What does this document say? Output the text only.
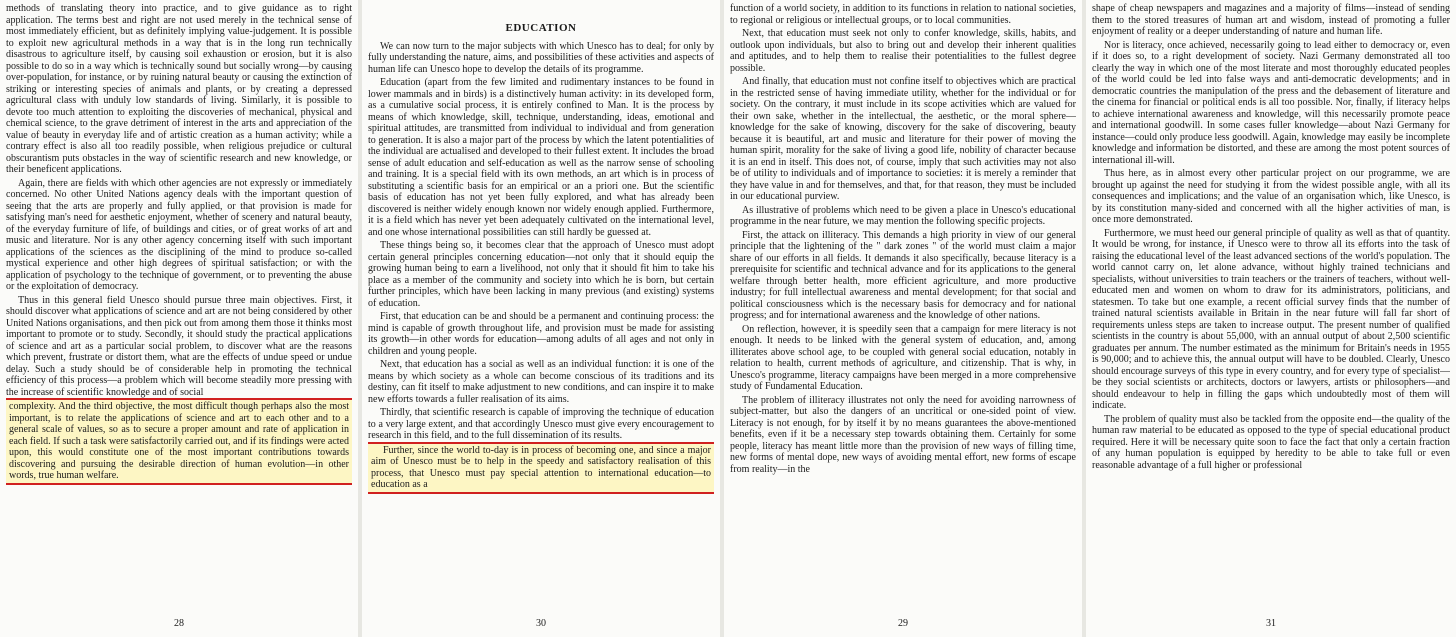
methods of translating theory into practice, and to give guidance as to right application. The terms best and right are not used merely in the technical sense of most immediately efficient, but as definitely implying value-judgement. It is possible to exploit new agricultural methods in a way that is in the long run technically disastrous to agriculture itself, by causing soil exhaustion or erosion, but it is also possible to do so in a way which is technically sound but socially wrong—by causing over-population, for instance, or by ruining natural beauty or causing the extinction of striking or interesting species of animals and plants, or by creating a depressed agricultural class with unduly low standards of living. Similarly, it is possible to devote too much attention to exploiting the discoveries of mechanical, physical and chemical science, to the grave detriment of interest in the arts and appreciation of the value of beauty in everyday life and of artistic creation as a human activity; while a contrary effect is also all too readily possible, when religious prejudice or cultural obscurantism puts obstacles in the way of scientific research and new knowledge, or their beneficent applications.

Again, there are fields with which other agencies are not expressly or immediately concerned. No other United Nations agency deals with the important question of seeing that the arts are properly and fully applied, or that provision is made for satisfying man's need for aesthetic enjoyment, whether of scenery and natural beauty, of the everyday furniture of life, of buildings and cities, or of great works of art and music and literature. Nor is any other agency concerning itself with such important applications of the sciences as the disciplining of the mind to produce so-called mystical experience and other high degrees of spiritual satisfaction; or with the application of psychology to the technique of government, or to preventing the abuse or the exploitation of democracy.

Thus in this general field Unesco should pursue three main objectives. First, it should discover what applications of science and art are not being considered by other United Nations organisations, and then pick out from among them those it thinks most important to promote or to study. Secondly, it should study the practical applications of science and art as a particular social problem, to discover what are the reasons which prevent, frustrate or distort them, what are the effects of undue speed or undue delay. Such a study should be of considerable help in promoting the technical efficiency of this process—a problem which will become steadily more pressing with the increase of scientific knowledge and of social

complexity. And the third objective, the most difficult though perhaps also the most important, is to relate the applications of science and art to each other and to a general scale of values, so as to secure a proper amount and rate of application in each field. If such a task were satisfactorily carried out, and if its findings were acted upon, this would constitute one of the most important contributions towards discovering and pursuing the desirable direction of human evolution—in other words, true human welfare.

28
EDUCATION

We can now turn to the major subjects with which Unesco has to deal; for only by fully understanding the nature, aims, and possibilities of these activities and aspects of human life can Unesco hope to develop the details of its programme.

Education (apart from the few limited and rudimentary instances to be found in lower mammals and in birds) is a distinctively human activity: in its developed form, as a cumulative social process, it is entirely confined to Man. It is the process by means of which knowledge, skill, technique, understanding, ideas, emotional and spiritual attitudes, are transmitted from individual to individual and from generation to generation. It is also a major part of the process by which the latent potentialities of the individual are actualised and developed to their fullest extent. It includes the broad sense of adult education and self-education as well as the narrow sense of schooling and training. It is a special field with its own methods, an art which is in process of substituting a scientific basis for an empirical or an a priori one. But the scientific basis of education has not yet been fully explored, and what has already been discovered is neither widely enough known nor widely enough applied. Furthermore, it is a field which has never yet been adequately cultivated on the international level, and one whose international possibilities can still hardly be guessed at.

These things being so, it becomes clear that the approach of Unesco must adopt certain general principles concerning education—not only that it should equip the growing human being to earn a livelihood, not only that it should fit him to take his place as a member of the community and society into which he is born, but certain further principles, which have been lacking in many previous (and existing) systems of education.

First, that education can be and should be a permanent and continuing process: the mind is capable of growth throughout life, and provision must be made for assisting its growth—in other words for education—among adults of all ages and not only in children and young people.

Next, that education has a social as well as an individual function: it is one of the means by which society as a whole can become conscious of its traditions and its destiny, can fit itself to make adjustment to new conditions, and can inspire it to make new efforts towards a fuller realisation of its aims.

Thirdly, that scientific research is capable of improving the technique of education to a very large extent, and that accordingly Unesco must give every encouragement to research in this field, and to the full dissemination of its results.

Further, since the world to-day is in process of becoming one, and since a major aim of Unesco must be to help in the speedy and satisfactory realisation of this process, that Unesco must pay special attention to international education—to education as a

30

function of a world society, in addition to its functions in relation to national societies, to regional or religious or intellectual groups, or to local communities.

Next, that education must seek not only to confer knowledge, skills, habits, and outlook upon individuals, but also to bring out and develop their inherent qualities and aptitudes, and to help them to realise their potentialities to the fullest degree possible.

And finally, that education must not confine itself to objectives which are practical in the restricted sense of having immediate utility, whether for the individual or for society. On the contrary, it must include in its scope activities which are valued for their own sake, whether in the intellectual, the aesthetic, or the moral sphere—knowledge for the sake of knowing, discovery for the sake of discovering, beauty because it is beautiful, art and music and literature for their power of moving the human spirit, morality for the sake of living a good life, nobility of character because it is an end in itself. This does not, of course, imply that such activities may not also be of utility to individuals and of importance to societies: it is merely a reminder that they have value in and for themselves, and that, for that reason, they must be included in our educational purview.

As illustrative of problems which need to be given a place in Unesco's educational programme in the near future, we may mention the following specific projects.

First, the attack on illiteracy. This demands a high priority in view of our general principle that the lightening of the " dark zones " of the world must claim a major share of our efforts in all fields. It demands it also specifically, because literacy is a prerequisite for scientific and technical advance and for its applications to the general welfare through better health, more efficient agriculture, and more productive industry; for full intellectual awareness and mental development; for that social and political consciousness which is the necessary basis for democracy and for national progress; and for international awareness and the knowledge of other nations.

On reflection, however, it is speedily seen that a campaign for mere literacy is not enough. It needs to be linked with the general system of education, and, among illiterates above school age, to be coupled with general social education, notably in relation to health, current methods of agriculture, and citizenship. That is why, in Unesco's programme, literacy campaigns have been merged in a more comprehensive study of Fundamental Education.

The problem of illiteracy illustrates not only the need for avoiding narrowness of subject-matter, but also the dangers of an uncritical or one-sided point of view. Literacy is not enough, for by itself it by no means guarantees the above-mentioned benefits, even if it be a necessary step towards obtaining them. Certainly for some people, literacy has meant little more than the provision of new ways of filling time, new forms of mental dope, new ways of avoiding mental effort, new forms of escape from reality—in the

29

shape of cheap newspapers and magazines and a majority of films—instead of sending them to the stored treasures of human art and wisdom, instead of promoting a fuller enjoyment of reality or a deeper understanding of nature and human life.

Nor is literacy, once achieved, necessarily going to lead either to democracy or, even if it does so, to a right development of society. Nazi Germany demonstrated all too clearly the way in which one of the most literate and most thoroughly educated peoples of the world could be led into false ways and anti-democratic developments; and in democratic countries the manipulation of the press and the debasement of literature and the cinema for financial or political ends is all too possible. Nor, finally, if literacy helps to achieve international awareness and knowledge, will this necessarily promote peace and international goodwill. In some cases fuller knowledge—about Nazi Germany for instance—could only produce less goodwill. Again, knowledge may easily be incomplete knowledge and information be distorted, and these are among the most potent sources of international ill-will.

Thus here, as in almost every other particular project on our programme, we are brought up against the need for studying it from the widest possible angle, with all its consequences and implications; and the value of an organisation which, like Unesco, is by its constitution many-sided and concerned with all the higher activities of man, is once more demonstrated.

Furthermore, we must heed our general principle of quality as well as that of quantity. It would be wrong, for instance, if Unesco were to throw all its efforts into the task of raising the educational level of the least advanced sections of the world's population. The world cannot carry on, let alone advance, without highly trained technicians and specialists, without universities to train teachers or the trainers of teachers, without well-educated men and women on whom to draw for its administrators, politicians, and statesmen. To take but one example, a recent official survey finds that the number of trained natural scientists available in Britain in the near future will fall far short of requirements unless steps are taken to increase output. The present number of qualified scientists in the country is about 55,000, with an annual output of about 2,500 scientific graduates per annum. The number estimated as the minimum for Britain's needs in 1955 is 90,000; and to achieve this, the annual output will have to be doubled. Clearly, Unesco should encourage surveys of this type in every country, and for every type of specialist—be they social scientists or architects, doctors or lawyers, artists or philosophers—and should endeavour to help in filling the gaps which undoubtedly most of them will indicate.

The problem of quality must also be tackled from the opposite end—the quality of the human raw material to be educated as opposed to the type of special educational product required. Here it will be necessary quite soon to face the fact that only a certain fraction of any human population is equipped by heredity to be able to take full or even reasonable advantage of a full higher or professional

31
